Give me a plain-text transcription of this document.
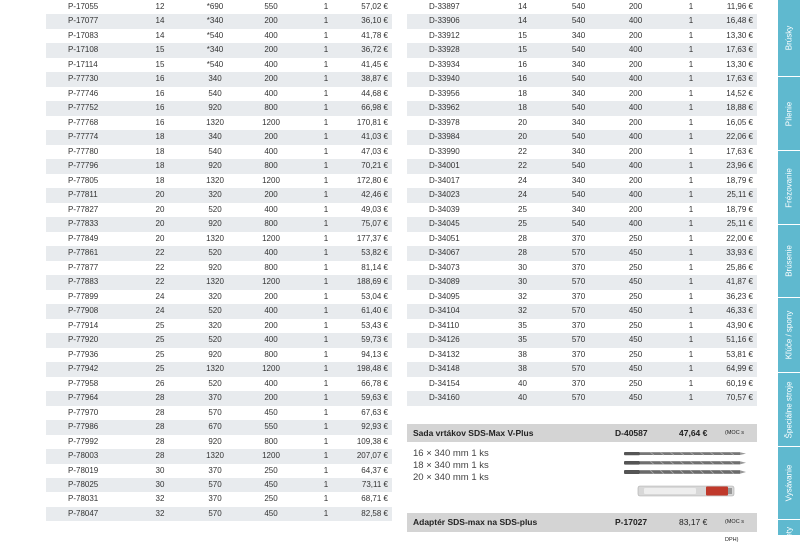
P-17055	12	*690	550	1	57,02 €
P-17077	14	*340	200	1	36,10 €
P-17083	14	*540	400	1	41,78 €
P-17108	15	*340	200	1	36,72 €
P-17114	15	*540	400	1	41,45 €
P-77730	16	340	200	1	38,87 €
P-77746	16	540	400	1	44,68 €
P-77752	16	920	800	1	66,98 €
P-77768	16	1320	1200	1	170,81 €
P-77774	18	340	200	1	41,03 €
P-77780	18	540	400	1	47,03 €
P-77796	18	920	800	1	70,21 €
P-77805	18	1320	1200	1	172,80 €
P-77811	20	320	200	1	42,46 €
P-77827	20	520	400	1	49,03 €
P-77833	20	920	800	1	75,07 €
P-77849	20	1320	1200	1	177,37 €
P-77861	22	520	400	1	53,82 €
P-77877	22	920	800	1	81,14 €
P-77883	22	1320	1200	1	188,69 €
P-77899	24	320	200	1	53,04 €
P-77908	24	520	400	1	61,40 €
P-77914	25	320	200	1	53,43 €
P-77920	25	520	400	1	59,73 €
P-77936	25	920	800	1	94,13 €
P-77942	25	1320	1200	1	198,48 €
P-77958	26	520	400	1	66,78 €
P-77964	28	370	200	1	59,63 €
P-77970	28	570	450	1	67,63 €
P-77986	28	670	550	1	92,93 €
P-77992	28	920	800	1	109,38 €
P-78003	28	1320	1200	1	207,07 €
P-78019	30	370	250	1	64,37 €
P-78025	30	570	450	1	73,11 €
P-78031	32	370	250	1	68,71 €
P-78047	32	570	450	1	82,58 €
D-33897	14	540	200	1	11,96 €
D-33906	14	540	400	1	16,48 €
D-33912	15	340	200	1	13,30 €
D-33928	15	540	400	1	17,63 €
D-33934	16	340	200	1	13,30 €
D-33940	16	540	400	1	17,63 €
D-33956	18	340	200	1	14,52 €
D-33962	18	540	400	1	18,88 €
D-33978	20	340	200	1	16,05 €
D-33984	20	540	400	1	22,06 €
D-33990	22	340	200	1	17,63 €
D-34001	22	540	400	1	23,96 €
D-34017	24	340	200	1	18,79 €
D-34023	24	540	400	1	25,11 €
D-34039	25	340	200	1	18,79 €
D-34045	25	540	400	1	25,11 €
D-34051	28	370	250	1	22,00 €
D-34067	28	570	450	1	33,93 €
D-34073	30	370	250	1	25,86 €
D-34089	30	570	450	1	41,87 €
D-34095	32	370	250	1	36,23 €
D-34104	32	570	450	1	46,33 €
D-34110	35	370	250	1	43,90 €
D-34126	35	570	450	1	51,16 €
D-34132	38	370	250	1	53,81 €
D-34148	38	570	450	1	64,99 €
D-34154	40	370	250	1	60,19 €
D-34160	40	570	450	1	70,57 €
Sada vrtákov SDS-Max V-Plus	D-40587	47,64 €	(MOC s
16 × 340 mm 1 ks
18 × 340 mm 1 ks
20 × 340 mm 1 ks
Adaptér SDS-max na SDS-plus	P-17027	83,17 €	(MOC s DPH)
Brúsky
Pílenie
Frézovanie
Brúsenie
Kľúče / spony
Špeciálne stroje
Vysávanie
Sety
